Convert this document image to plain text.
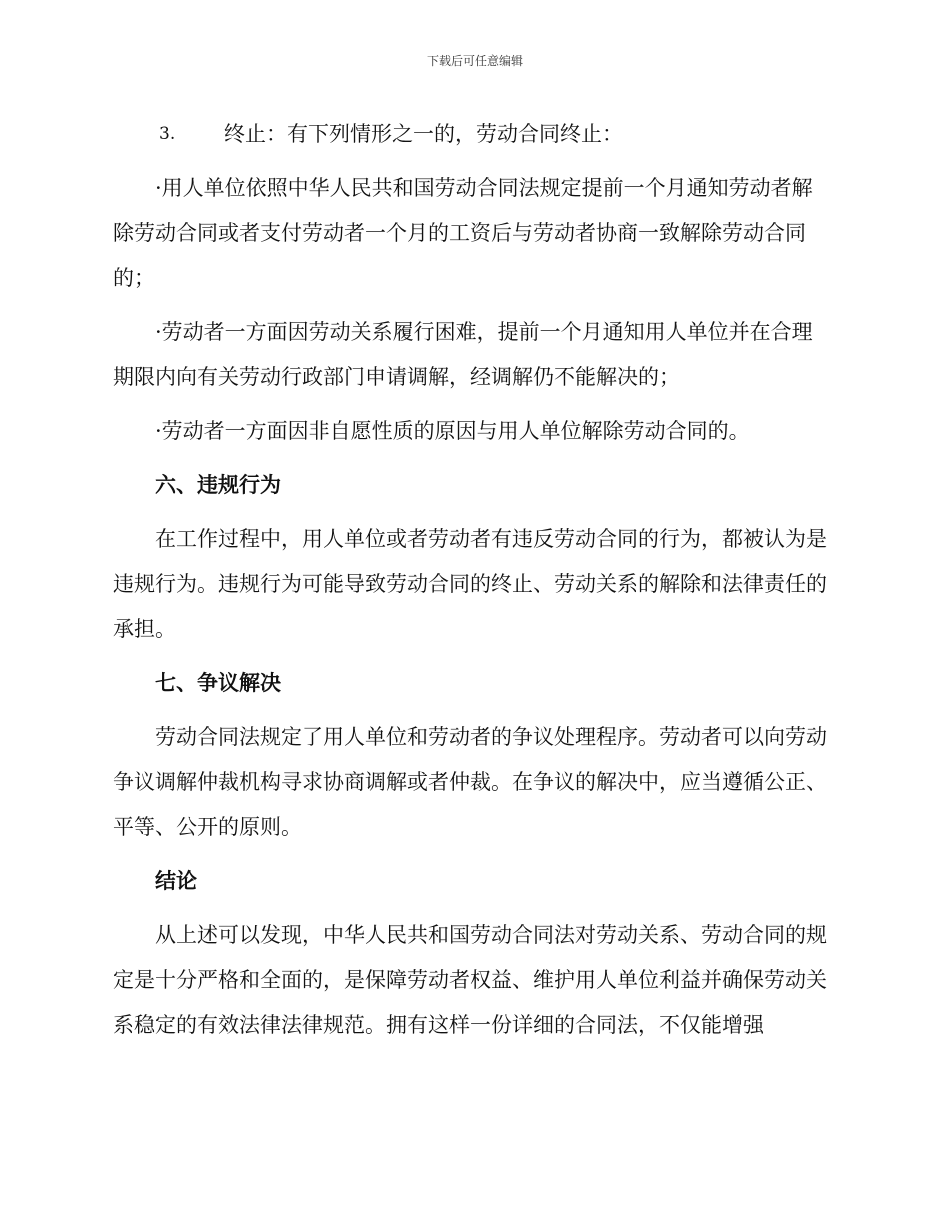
下载后可任意编辑
3.	终止：有下列情形之一的，劳动合同终止：

·用人单位依照中华人民共和国劳动合同法规定提前一个月通知劳动者解除劳动合同或者支付劳动者一个月的工资后与劳动者协商一致解除劳动合同的；

·劳动者一方面因劳动关系履行困难，提前一个月通知用人单位并在合理期限内向有关劳动行政部门申请调解，经调解仍不能解决的；

·劳动者一方面因非自愿性质的原因与用人单位解除劳动合同的。

六、违规行为

在工作过程中，用人单位或者劳动者有违反劳动合同的行为，都被认为是违规行为。违规行为可能导致劳动合同的终止、劳动关系的解除和法律责任的承担。

七、争议解决

劳动合同法规定了用人单位和劳动者的争议处理程序。劳动者可以向劳动争议调解仲裁机构寻求协商调解或者仲裁。在争议的解决中，应当遵循公正、平等、公开的原则。

结论

从上述可以发现，中华人民共和国劳动合同法对劳动关系、劳动合同的规定是十分严格和全面的，是保障劳动者权益、维护用人单位利益并确保劳动关系稳定的有效法律法律规范。拥有这样一份详细的合同法，不仅能增强
